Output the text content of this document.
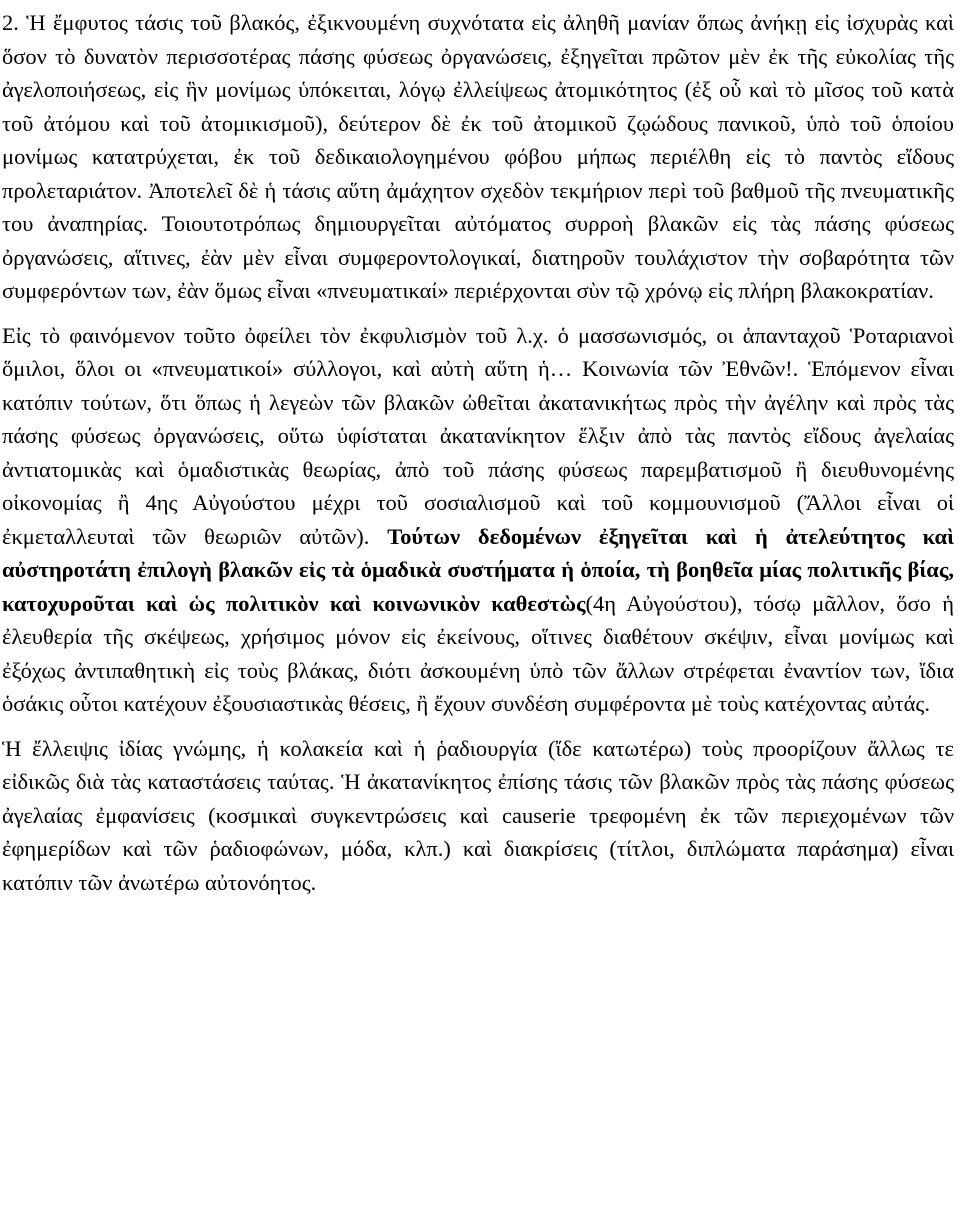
2. Ἡ ἔμφυτος τάσις τοῦ βλακός, ἐξικνουμένη συχνότατα εἰς ἀληθῆ μανίαν ὅπως ἀνήκῃ εἰς ἰσχυρὰς καὶ ὅσον τὸ δυνατὸν περισσοτέρας πάσης φύσεως ὀργανώσεις, ἐξηγεῖται πρῶτον μὲν ἐκ τῆς εὐκολίας τῆς ἀγελοποιήσεως, εἰς ἣν μονίμως ὑπόκειται, λόγῳ ἐλλείψεως ἀτομικότητος (ἐξ οὗ καὶ τὸ μῖσος τοῦ κατὰ τοῦ ἀτόμου καὶ τοῦ ἀτομικισμοῦ), δεύτερον δὲ ἐκ τοῦ ἀτομικοῦ ζῳώδους πανικοῦ, ὑπὸ τοῦ ὁποίου μονίμως κατατρύχεται, ἐκ τοῦ δεδικαιολογημένου φόβου μήπως περιέλθη εἰς τὸ παντὸς εἴδους προλεταριάτον. Ἀποτελεῖ δὲ ἡ τάσις αὕτη ἀμάχητον σχεδὸν τεκμήριον περὶ τοῦ βαθμοῦ τῆς πνευματικῆς του ἀναπηρίας. Τοιουτοτρόπως δημιουργεῖται αὐτόματος συρροὴ βλακῶν εἰς τὰς πάσης φύσεως ὀργανώσεις, αἵτινες, ἐὰν μὲν εἶναι συμφεροντολογικαί, διατηροῦν τουλάχιστον τὴν σοβαρότητα τῶν συμφερόντων των, ἐὰν ὅμως εἶναι «πνευματικαί» περιέρχονται σὺν τῷ χρόνῳ εἰς πλήρη βλακοκρατίαν.

Εἰς τὸ φαινόμενον τοῦτο ὀφείλει τὸν ἐκφυλισμὸν τοῦ λ.χ. ὁ μασσωνισμός, οι ἁπανταχοῦ Ῥοταριανοὶ ὅμιλοι, ὅλοι οι «πνευματικοί» σύλλογοι, καὶ αὐτὴ αὕτη ἡ… Κοινωνία τῶν Ἐθνῶν!. Ἑπόμενον εἶναι κατόπιν τούτων, ὅτι ὅπως ἡ λεγεὼν τῶν βλακῶν ὠθεῖται ἀκατανικήτως πρὸς τὴν ἀγέλην καὶ πρὸς τὰς πάσης φύσεως ὀργανώσεις, οὕτω ὑφίσταται ἀκατανίκητον ἕλξιν ἀπὸ τὰς παντὸς εἴδους ἀγελαίας ἀντιατομικὰς καὶ ὁμαδιστικὰς θεωρίας, ἀπὸ τοῦ πάσης φύσεως παρεμβατισμοῦ ἢ διευθυνομένης οἰκονομίας ἢ 4ης Αὐγούστου μέχρι τοῦ σοσιαλισμοῦ καὶ τοῦ κομμουνισμοῦ (Ἄλλοι εἶναι οἱ ἐκμεταλλευταὶ τῶν θεωριῶν αὐτῶν). Τούτων δεδομένων ἐξηγεῖται καὶ ἡ ἀτελεύτητος καὶ αὐστηροτάτη ἐπιλογὴ βλακῶν εἰς τὰ ὁμαδικὰ συστήματα ἡ ὁποία, τὴ βοηθεῖα μίας πολιτικῆς βίας, κατοχυροῦται καὶ ὡς πολιτικὸν καὶ κοινωνικὸν καθεστὼς(4η Αὐγούστου), τόσῳ μᾶλλον, ὅσο ἡ ἐλευθερία τῆς σκέψεως, χρήσιμος μόνον εἰς ἐκείνους, οἵτινες διαθέτουν σκέψιν, εἶναι μονίμως καὶ ἐξόχως ἀντιπαθητικὴ εἰς τοὺς βλάκας, διότι ἀσκουμένη ὑπὸ τῶν ἄλλων στρέφεται ἐναντίον των, ἴδια ὁσάκις οὗτοι κατέχουν ἐξουσιαστικὰς θέσεις, ἢ ἔχουν συνδέση συμφέροντα μὲ τοὺς κατέχοντας αὐτάς.

Ἡ ἔλλειψις ἰδίας γνώμης, ἡ κολακεία καὶ ἡ ῥαδιουργία (ἴδε κατωτέρω) τοὺς προορίζουν ἄλλως τε εἰδικῶς διὰ τὰς καταστάσεις ταύτας. Ἡ ἀκατανίκητος ἐπίσης τάσις τῶν βλακῶν πρὸς τὰς πάσης φύσεως ἀγελαίας ἐμφανίσεις (κοσμικαὶ συγκεντρώσεις καὶ causerie τρεφομένη ἐκ τῶν περιεχομένων τῶν ἐφημερίδων καὶ τῶν ῥαδιοφώνων, μόδα, κλπ.) καὶ διακρίσεις (τίτλοι, διπλώματα παράσημα) εἶναι κατόπιν τῶν ἀνωτέρω αὐτονόητος.
